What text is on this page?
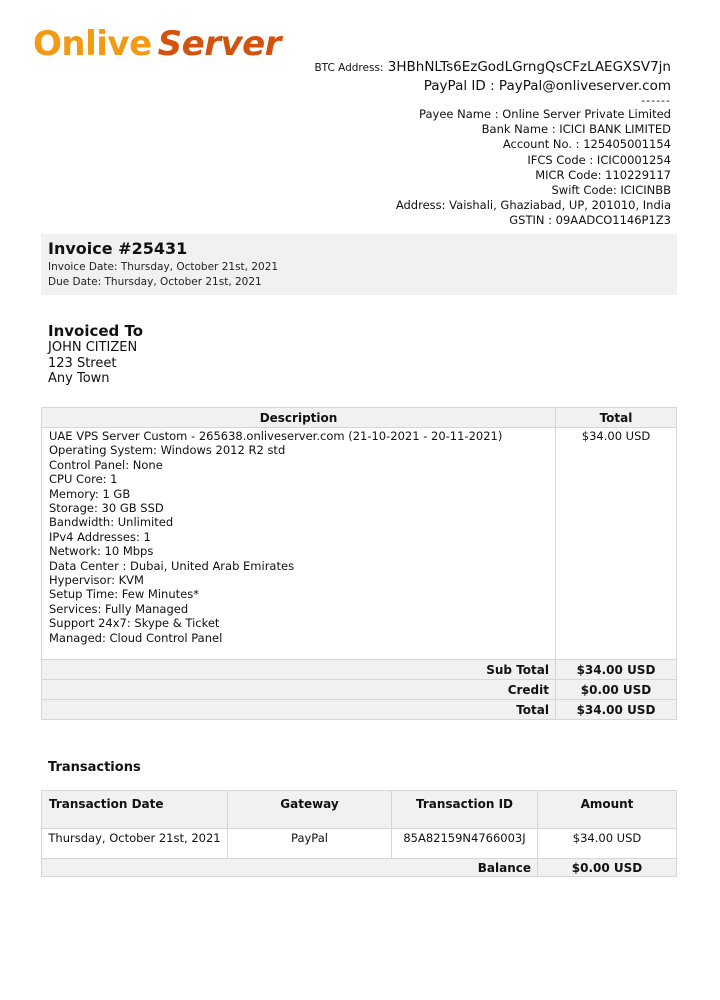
Onlive Server
BTC Address: 3HBhNLTs6EzGodLGrngQsCFzLAEGXSV7jn
PayPal ID : PayPal@onliveserver.com
------
Payee Name : Online Server Private Limited
Bank Name : ICICI BANK LIMITED
Account No. : 125405001154
IFCS Code : ICIC0001254
MICR Code: 110229117
Swift Code: ICICINBB
Address: Vaishali, Ghaziabad, UP, 201010, India
GSTIN : 09AADCO1146P1Z3
Invoice #25431
Invoice Date: Thursday, October 21st, 2021
Due Date: Thursday, October 21st, 2021
Invoiced To
JOHN CITIZEN
123 Street
Any Town
Description	Total

UAE VPS Server Custom - 265638.onliveserver.com (21-10-2021 - 20-11-2021)
Operating System: Windows 2012 R2 std
Control Panel: None
CPU Core: 1
Memory: 1 GB
Storage: 30 GB SSD
Bandwidth: Unlimited
IPv4 Addresses: 1
Network: 10 Mbps
Data Center : Dubai, United Arab Emirates
Hypervisor: KVM
Setup Time: Few Minutes*
Services: Fully Managed
Support 24x7: Skype & Ticket
Managed: Cloud Control Panel
	$34.00 USD
Sub Total	$34.00 USD
Credit	$0.00 USD
Total	$34.00 USD
Transactions
Transaction Date	Gateway	Transaction ID	Amount
Thursday, October 21st, 2021	PayPal	85A82159N4766003J	$34.00 USD
Balance			$0.00 USD
